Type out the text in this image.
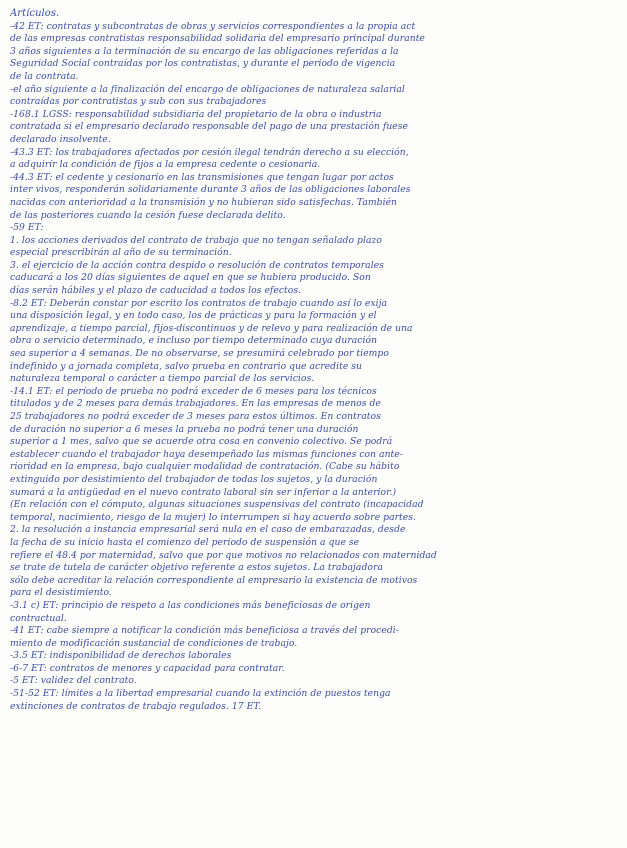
Artículos.
-42 ET: contratas y subcontratas de obras y servicios correspondientes a la propia act
de las empresas contratistas responsabilidad solidaria del empresario principal durante
3 años siguientes a la terminación de su encargo de las obligaciones referidas a la
Seguridad Social contraídas por los contratistas, y durante el periodo de vigencia
de la contrata.
-el año siguiente a la finalización del encargo de obligaciones de naturaleza salarial
contraídas por contratistas y sub con sus trabajadores
-168.1 LGSS: responsabilidad subsidiaria del propietario de la obra o industria
contratada si el empresario declarado responsable del pago de una prestación fuese
declarado insolvente.
-43.3 ET: los trabajadores afectados por cesión ilegal tendrán derecho a su elección,
a adquirir la condición de fijos a la empresa cedente o cesionaria.
-44.3 ET: el cedente y cesionario en las transmisiones que tengan lugar por actos
inter vivos, responderán solidariamente durante 3 años de las obligaciones laborales
nacidas con anterioridad a la transmisión y no hubieran sido satisfechas. También
de las posteriores cuando la cesión fuese declarada delito.
-59 ET:
1. los acciones derivados del contrato de trabajo que no tengan señalado plazo
especial prescribirán al año de su terminación.
3. el ejercicio de la acción contra despido o resolución de contratos temporales
caducará a los 20 días siguientes de aquel en que se hubiera producido. Son
días serán hábiles y el plazo de caducidad a todos los efectos.
-8.2 ET: Deberán constar por escrito los contratos de trabajo cuando así lo exija
una disposición legal, y en todo caso, los de prácticas y para la formación y el
aprendizaje, a tiempo parcial, fijos-discontinuos y de relevo y para realización de una
obra o servicio determinado, e incluso por tiempo determinado cuya duración
sea superior a 4 semanas. De no observarse, se presumirá celebrado por tiempo
indefinido y a jornada completa, salvo prueba en contrario que acredite su
naturaleza temporal o carácter a tiempo parcial de los servicios.
-14.1 ET: el período de prueba no podrá exceder de 6 meses para los técnicos
titulados y de 2 meses para demás trabajadores. En las empresas de menos de
25 trabajadores no podrá exceder de 3 meses para estos últimos. En contratos
de duración no superior a 6 meses la prueba no podrá tener una duración
superior a 1 mes, salvo que se acuerde otra cosa en convenio colectivo. Se podrá
establecer cuando el trabajador haya desempeñado las mismas funciones con ante-
rioridad en la empresa, bajo cualquier modalidad de contratación. (Cabe su hábito
extinguido por desistimiento del trabajador de todas los sujetos, y la duración
sumará a la antigüedad en el nuevo contrato laboral sin ser inferior a la anterior.)
(En relación con el cómputo, algunas situaciones suspensivas del contrato (incapacidad
temporal, nacimiento, riesgo de la mujer) lo interrumpen si hay acuerdo sobre partes.
2. la resolución a instancia empresarial será nula en el caso de embarazadas, desde
la fecha de su inicio hasta el comienzo del periodo de suspensión a que se
refiere el 48.4 por maternidad, salvo que por que motivos no relacionados con maternidad
se trate de tutela de carácter objetivo referente a estos sujetos. La trabajadora
sólo debe acreditar la relación correspondiente al empresario la existencia de motivos
para el desistimiento.
-3.1 c) ET: principio de respeto a las condiciones más beneficiosas de origen
contractual.
-41 ET: cabe siempre a notificar la condición más beneficiosa a través del procedi-
miento de modificación sustancial de condiciones de trabajo.
-3.5 ET: indisponibilidad de derechos laborales
-6-7 ET: contratos de menores y capacidad para contratar.
-5 ET: validez del contrato.
-51-52 ET: límites a la libertad empresarial cuando la extinción de puestos tenga
extinciones de contratos de trabajo regulados. 17 ET.
